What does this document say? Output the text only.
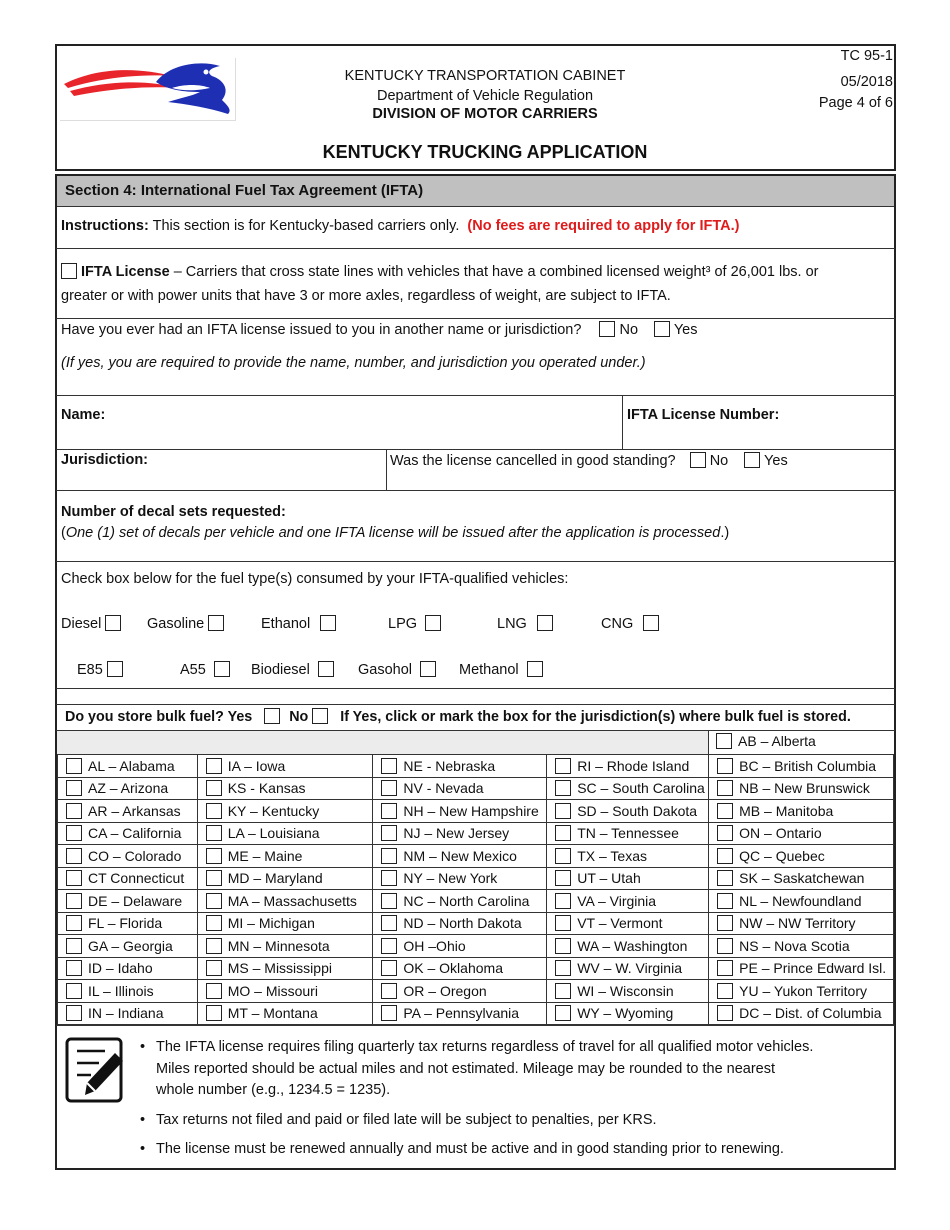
KENTUCKY TRANSPORTATION CABINET
Department of Vehicle Regulation
DIVISION OF MOTOR CARRIERS
TC 95-1
05/2018
Page 4 of 6
KENTUCKY TRUCKING APPLICATION
Section 4: International Fuel Tax Agreement (IFTA)
Instructions: This section is for Kentucky-based carriers only. (No fees are required to apply for IFTA.)
IFTA License – Carriers that cross state lines with vehicles that have a combined licensed weight³ of 26,001 lbs. or
greater or with power units that have 3 or more axles, regardless of weight, are subject to IFTA.
Have you ever had an IFTA license issued to you in another name or jurisdiction?	No Yes
(If yes, you are required to provide the name, number, and jurisdiction you operated under.)
Name:	IFTA License Number:
Jurisdiction:	Was the license cancelled in good standing? No Yes
Number of decal sets requested:
(One (1) set of decals per vehicle and one IFTA license will be issued after the application is processed.)
Check box below for the fuel type(s) consumed by your IFTA-qualified vehicles:
Diesel	Gasoline	Ethanol	LPG	LNG	CNG
E85	A55	Biodiesel	Gasohol	Methanol
Do you store bulk fuel? Yes	No If Yes, click or mark the box for the jurisdiction(s) where bulk fuel is stored.
AB – Alberta
AL – Alabama	IA – Iowa	NE - Nebraska	RI – Rhode Island	BC – British Columbia
AZ – Arizona	KS - Kansas	NV - Nevada	SC – South Carolina	NB – New Brunswick
AR – Arkansas	KY – Kentucky	NH – New Hampshire	SD – South Dakota	MB – Manitoba
CA – California	LA – Louisiana	NJ – New Jersey	TN – Tennessee	ON – Ontario
CO – Colorado	ME – Maine	NM – New Mexico	TX – Texas	QC – Quebec
CT Connecticut	MD – Maryland	NY – New York	UT – Utah	SK – Saskatchewan
DE – Delaware	MA – Massachusetts	NC – North Carolina	VA – Virginia	NL – Newfoundland
FL – Florida	MI – Michigan	ND – North Dakota	VT – Vermont	NW – NW Territory
GA – Georgia	MN – Minnesota	OH –Ohio	WA – Washington	NS – Nova Scotia
ID – Idaho	MS – Mississippi	OK – Oklahoma	WV – W. Virginia	PE – Prince Edward Isl.
IL – Illinois	MO – Missouri	OR – Oregon	WI – Wisconsin	YU – Yukon Territory
IN – Indiana	MT – Montana	PA – Pennsylvania	WY – Wyoming	DC – Dist. of Columbia
• The IFTA license requires filing quarterly tax returns regardless of travel for all qualified motor vehicles.
Miles reported should be actual miles and not estimated. Mileage may be rounded to the nearest
whole number (e.g., 1234.5 = 1235).
• Tax returns not filed and paid or filed late will be subject to penalties, per KRS.
• The license must be renewed annually and must be active and in good standing prior to renewing.
